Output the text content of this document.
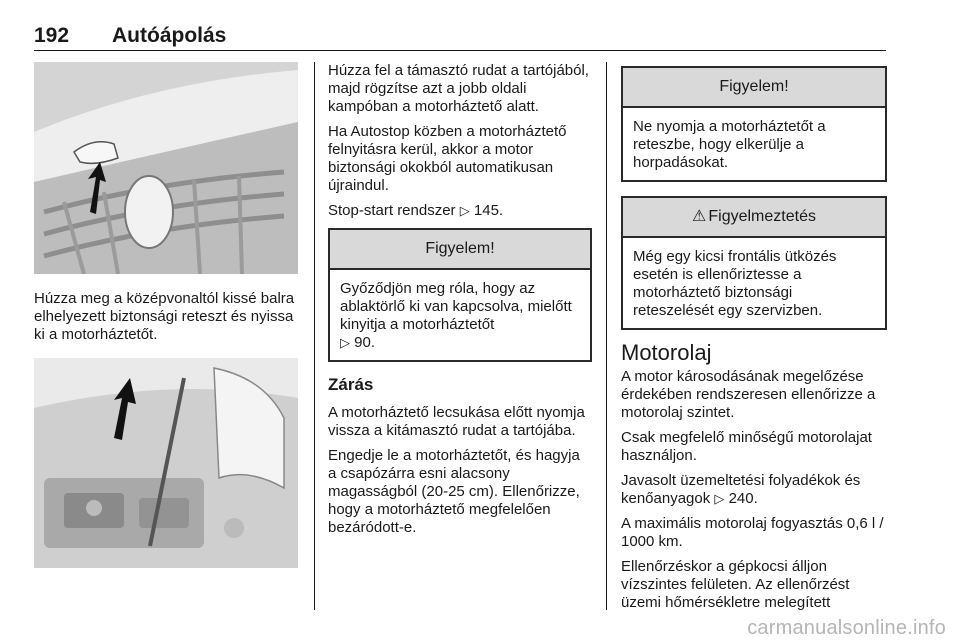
192 Autóápolás

Húzza meg a középvonaltól kissé balra elhelyezett biztonsági reteszt és nyissa ki a motorháztetőt.

Húzza fel a támasztó rudat a tartójából, majd rögzítse azt a jobb oldali kampóban a motorháztető alatt.

Ha Autostop közben a motorháztető felnyitásra kerül, akkor a motor biztonsági okokból automatikusan újraindul.

Stop-start rendszer ▷ 145.

Figyelem!
Győződjön meg róla, hogy az ablaktörlő ki van kapcsolva, mielőtt kinyitja a motorháztetőt
▷ 90.
Zárás

A motorháztető lecsukása előtt nyomja vissza a kitámasztó rudat a tartójába.

Engedje le a motorháztetőt, és hagyja a csapózárra esni alacsony magasságból (20-25 cm). Ellenőrizze, hogy a motorháztető megfelelően bezáródott-e.

Figyelem!
Ne nyomja a motorháztetőt a reteszbe, hogy elkerülje a horpadásokat.
⚠ Figyelmeztetés
Még egy kicsi frontális ütközés esetén is ellenőriztesse a motorháztető biztonsági reteszelését egy szervizben.
Motorolaj

A motor károsodásának megelőzése érdekében rendszeresen ellenőrizze a motorolaj szintet.

Csak megfelelő minőségű motorolajat használjon.

Javasolt üzemeltetési folyadékok és kenőanyagok ▷ 240.

A maximális motorolaj fogyasztás 0,6 l / 1000 km.

Ellenőrzéskor a gépkocsi álljon vízszintes felületen. Az ellenőrzést üzemi hőmérsékletre melegített

carmanualsonline.info
